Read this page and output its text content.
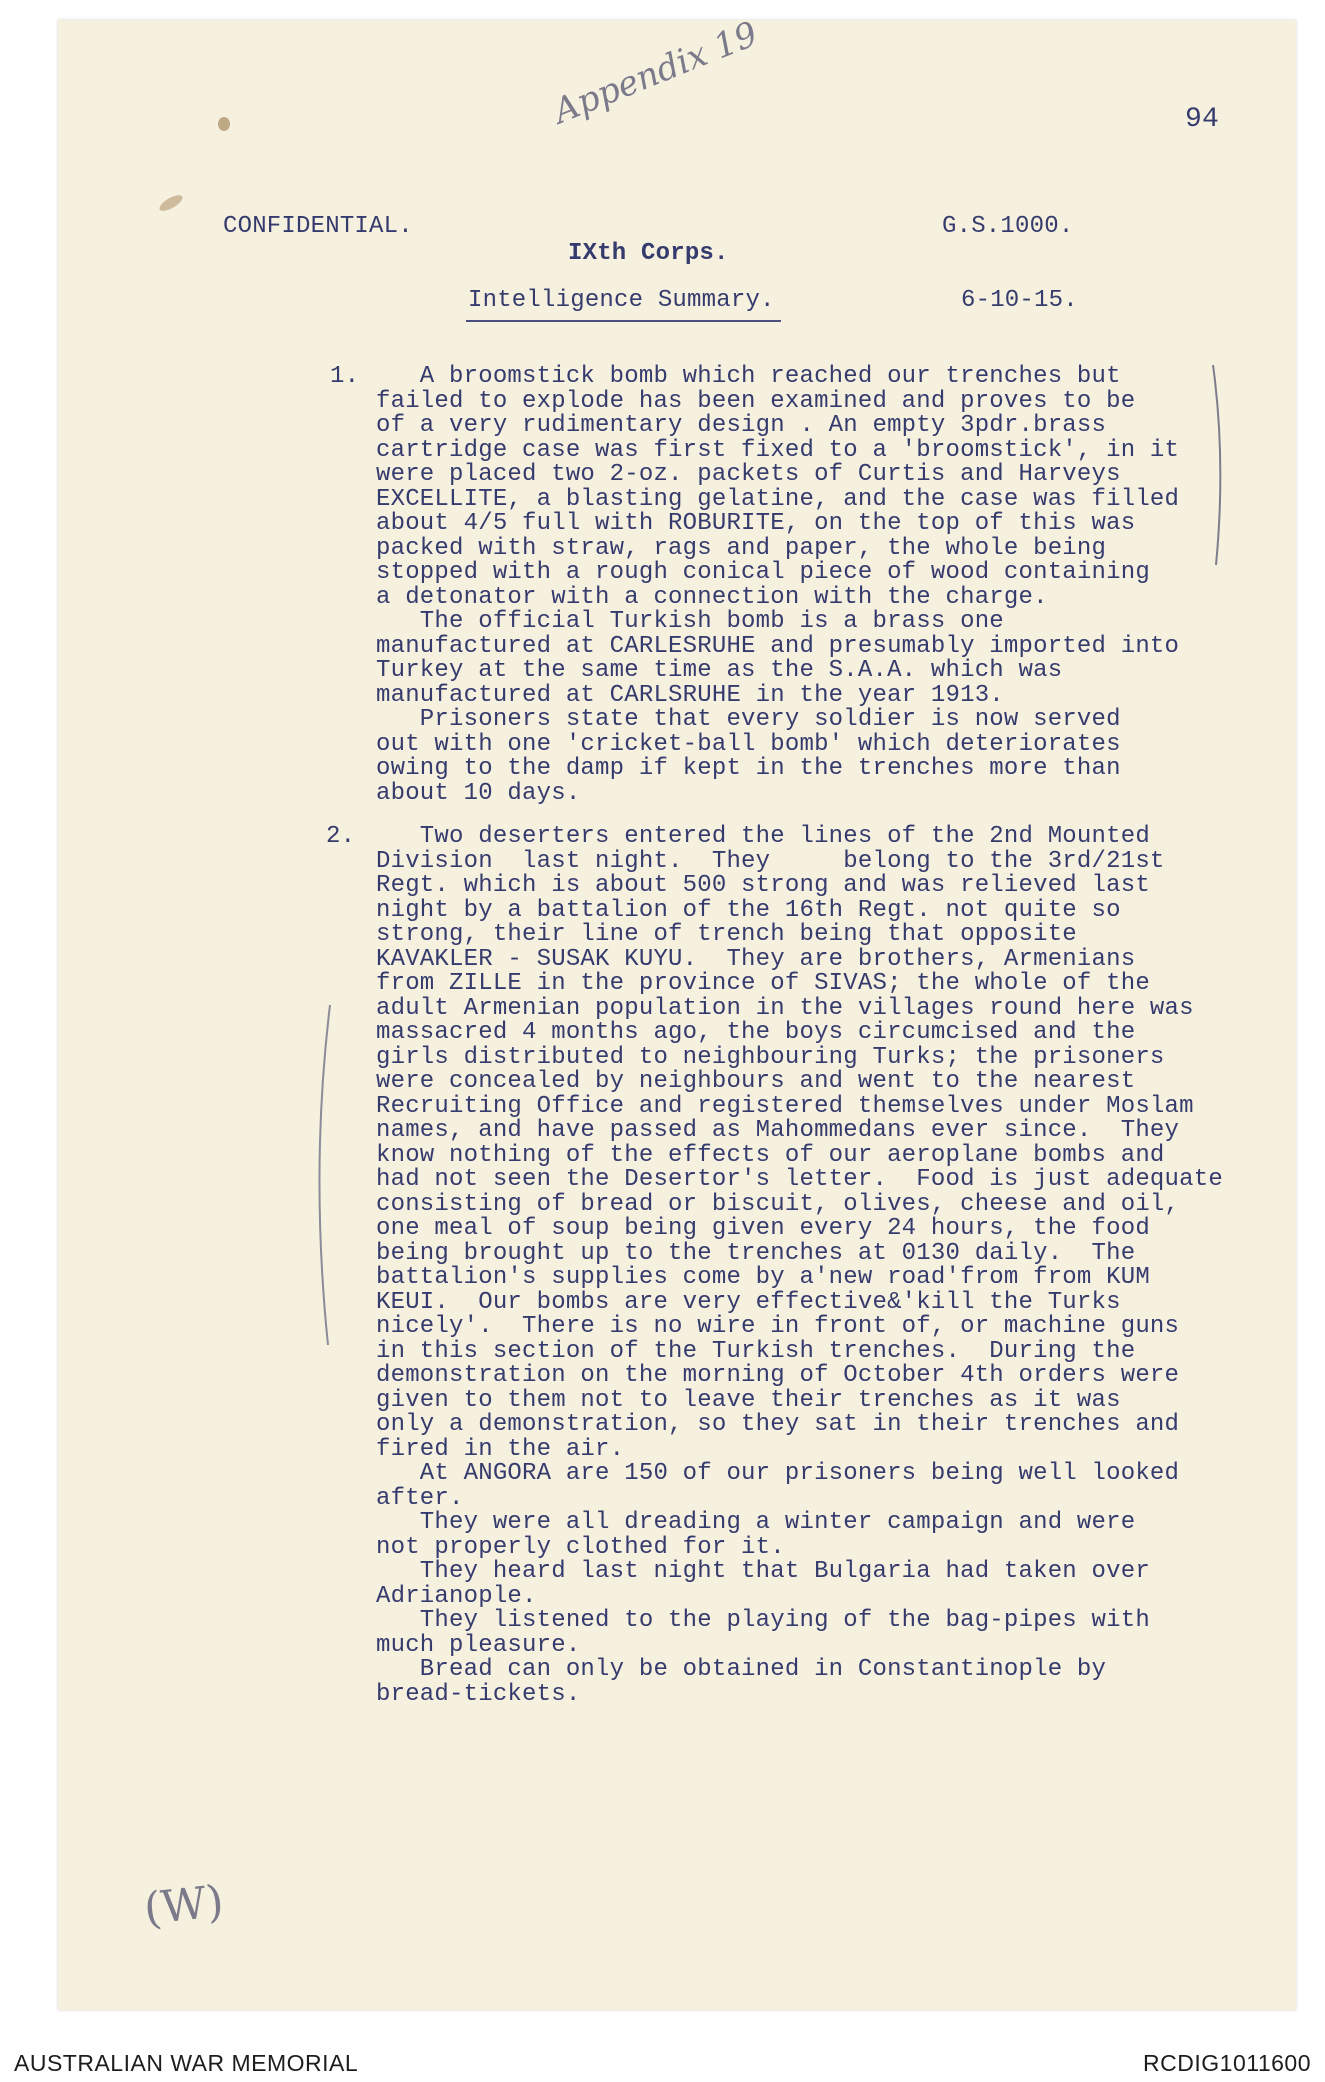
Appendix 19	94
CONFIDENTIAL.	G.S.1000.
IXth Corps.
Intelligence Summary.	6-10-15.
1. A broomstick bomb which reached our trenches but
failed to explode has been examined and proves to be
of a very rudimentary design . An empty 3pdr.brass
cartridge case was first fixed to a 'broomstick', in it
were placed two 2-oz. packets of Curtis and Harveys
EXCELLITE, a blasting gelatine, and the case was filled
about 4/5 full with ROBURITE, on the top of this was
packed with straw, rags and paper, the whole being
stopped with a rough conical piece of wood containing
a detonator with a connection with the charge.
The official Turkish bomb is a brass one
manufactured at CARLESRUHE and presumably imported into
Turkey at the same time as the S.A.A. which was
manufactured at CARLSRUHE in the year 1913.
Prisoners state that every soldier is now served
out with one 'cricket-ball bomb' which deteriorates
owing to the damp if kept in the trenches more than
about 10 days.
2. Two deserters entered the lines of the 2nd Mounted
Division  last night.  They     belong to the 3rd/21st
Regt. which is about 500 strong and was relieved last
night by a battalion of the 16th Regt. not quite so
strong, their line of trench being that opposite
KAVAKLER - SUSAK KUYU.  They are brothers, Armenians
from ZILLE in the province of SIVAS; the whole of the
adult Armenian population in the villages round here was
massacred 4 months ago, the boys circumcised and the
girls distributed to neighbouring Turks; the prisoners
were concealed by neighbours and went to the nearest
Recruiting Office and registered themselves under Moslam
names, and have passed as Mahommedans ever since.  They
know nothing of the effects of our aeroplane bombs and
had not seen the Desertor's letter.  Food is just adequate
consisting of bread or biscuit, olives, cheese and oil,
one meal of soup being given every 24 hours, the food
being brought up to the trenches at 0130 daily.  The
battalion's supplies come by a'new road'from from KUM
KEUI.  Our bombs are very effective&'kill the Turks
nicely'.  There is no wire in front of, or machine guns
in this section of the Turkish trenches.  During the
demonstration on the morning of October 4th orders were
given to them not to leave their trenches as it was
only a demonstration, so they sat in their trenches and
fired in the air.
At ANGORA are 150 of our prisoners being well looked
after.
They were all dreading a winter campaign and were
not properly clothed for it.
They heard last night that Bulgaria had taken over
Adrianople.
They listened to the playing of the bag-pipes with
much pleasure.
Bread can only be obtained in Constantinople by
bread-tickets.
(W)
AUSTRALIAN WAR MEMORIAL	RCDIG1011600
